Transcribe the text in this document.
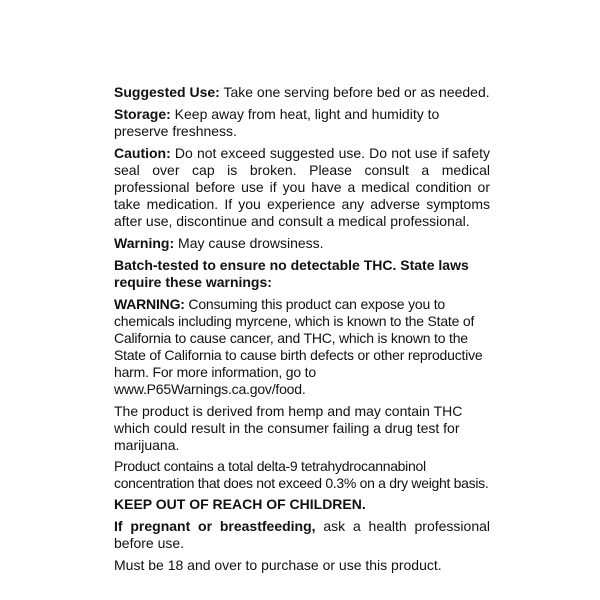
Suggested Use: Take one serving before bed or as needed.

Storage: Keep away from heat, light and humidity to preserve freshness.

Caution: Do not exceed suggested use. Do not use if safety seal over cap is broken. Please consult a medical professional before use if you have a medical condition or take medication. If you experience any adverse symptoms after use, discontinue and consult a medical professional.

Warning: May cause drowsiness.

Batch-tested to ensure no detectable THC. State laws require these warnings:

WARNING: Consuming this product can expose you to chemicals including myrcene, which is known to the State of California to cause cancer, and THC, which is known to the State of California to cause birth defects or other reproductive harm. For more information, go to www.P65Warnings.ca.gov/food.

The product is derived from hemp and may contain THC which could result in the consumer failing a drug test for marijuana.

Product contains a total delta-9 tetrahydrocannabinol concentration that does not exceed 0.3% on a dry weight basis.

KEEP OUT OF REACH OF CHILDREN.

If pregnant or breastfeeding, ask a health professional before use.

Must be 18 and over to purchase or use this product.
